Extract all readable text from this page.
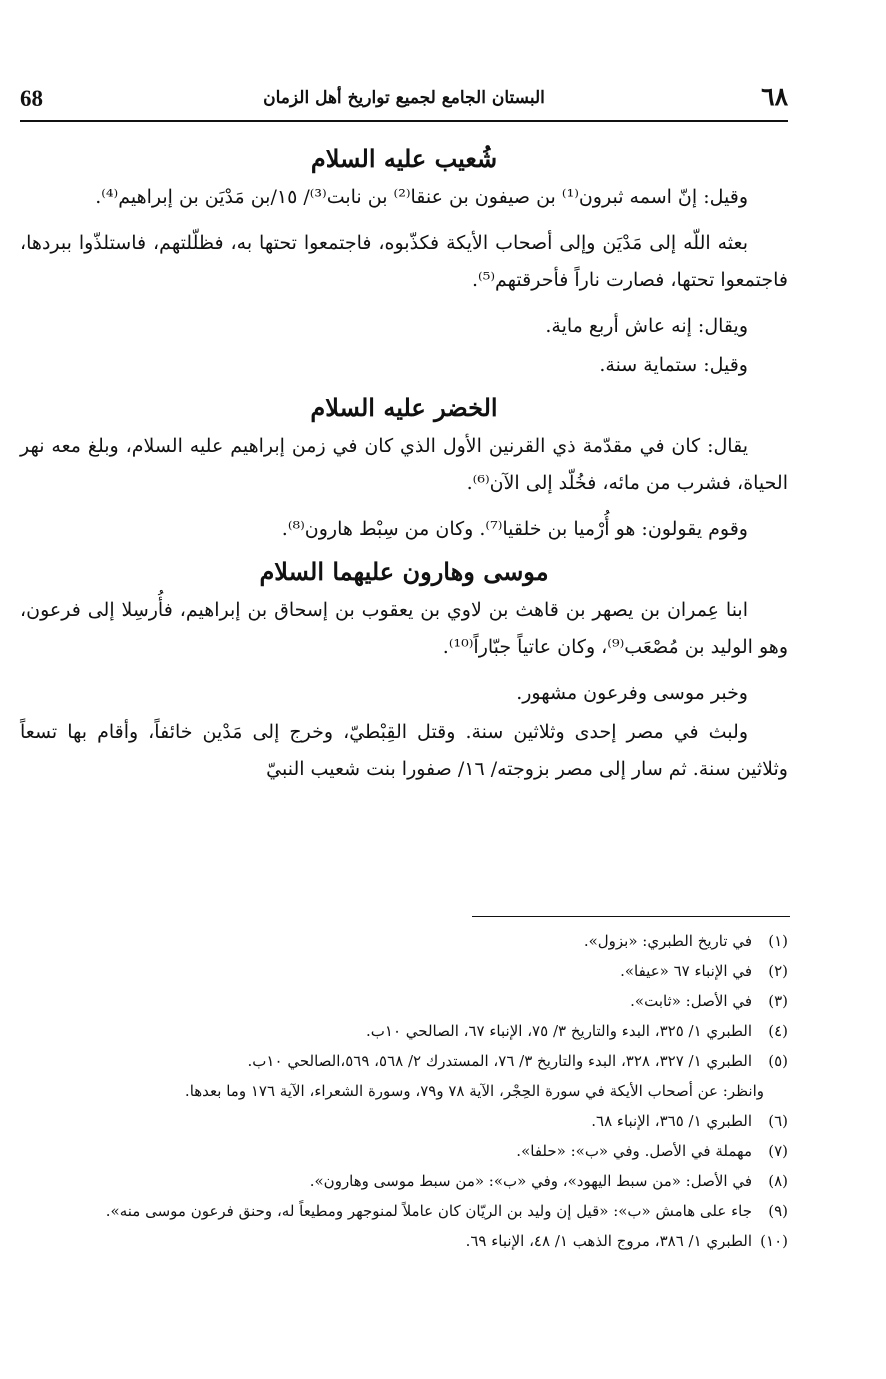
68	البستان الجامع لجميع تواريخ أهل الزمان	٦٨
شُعيب عليه السلام

وقيل: إنّ اسمه ثبرون⁽¹⁾ بن صيفون بن عنقا⁽²⁾ بن نابت⁽³⁾/ ١٥/بن مَدْيَن بن إبراهيم⁽⁴⁾.

بعثه اللّه إلى مَدْيَن وإلى أصحاب الأيكة فكذّبوه، فاجتمعوا تحتها به، فظلّلتهم، فاستلذّوا ببردها، فاجتمعوا تحتها، فصارت ناراً فأحرقتهم⁽⁵⁾.

ويقال: إنه عاش أربع ماية.

وقيل: ستماية سنة.

الخضر عليه السلام

يقال: كان في مقدّمة ذي القرنين الأول الذي كان في زمن إبراهيم عليه السلام، وبلغ معه نهر الحياة، فشرب من مائه، فخُلّد إلى الآن⁽⁶⁾.

وقوم يقولون: هو أُرْميا بن خلقيا⁽⁷⁾. وكان من سِبْط هارون⁽⁸⁾.

موسى وهارون عليهما السلام

ابنا عِمران بن يصهر بن قاهث بن لاوي بن يعقوب بن إسحاق بن إبراهيم، فأُرسِلا إلى فرعون، وهو الوليد بن مُصْعَب⁽⁹⁾، وكان عاتياً جبّاراً⁽¹⁰⁾.

وخبر موسى وفرعون مشهور.

ولبث في مصر إحدى وثلاثين سنة. وقتل القِبْطيّ، وخرج إلى مَدْين خائفاً، وأقام بها تسعاً وثلاثين سنة. ثم سار إلى مصر بزوجته/ ١٦/ صفورا بنت شعيب النبيّ

(١)في تاريخ الطبري: «بزول».

(٢)في الإنباء ٦٧ «عيفا».

(٣)في الأصل: «ثابت».

(٤)الطبري ١/ ٣٢٥، البدء والتاريخ ٣/ ٧٥، الإنباء ٦٧، الصالحي ١٠ب.

(٥)الطبري ١/ ٣٢٧، ٣٢٨، البدء والتاريخ ٣/ ٧٦، المستدرك ٢/ ٥٦٨، ٥٦٩،الصالحي ١٠ب.

وانظر: عن أصحاب الأيكة في سورة الحِجْر، الآية ٧٨ و٧٩، وسورة الشعراء، الآية ١٧٦ وما بعدها.

(٦)الطبري ١/ ٣٦٥، الإنباء ٦٨.

(٧)مهملة في الأصل. وفي «ب»: «حلفا».

(٨)في الأصل: «من سبط اليهود»، وفي «ب»: «من سبط موسى وهارون».

(٩)جاء على هامش «ب»: «قيل إن وليد بن الريّان كان عاملاً لمنوجهر ومطيعاً له، وحنق فرعون موسى منه».

(١٠)الطبري ١/ ٣٨٦، مروج الذهب ١/ ٤٨، الإنباء ٦٩.
